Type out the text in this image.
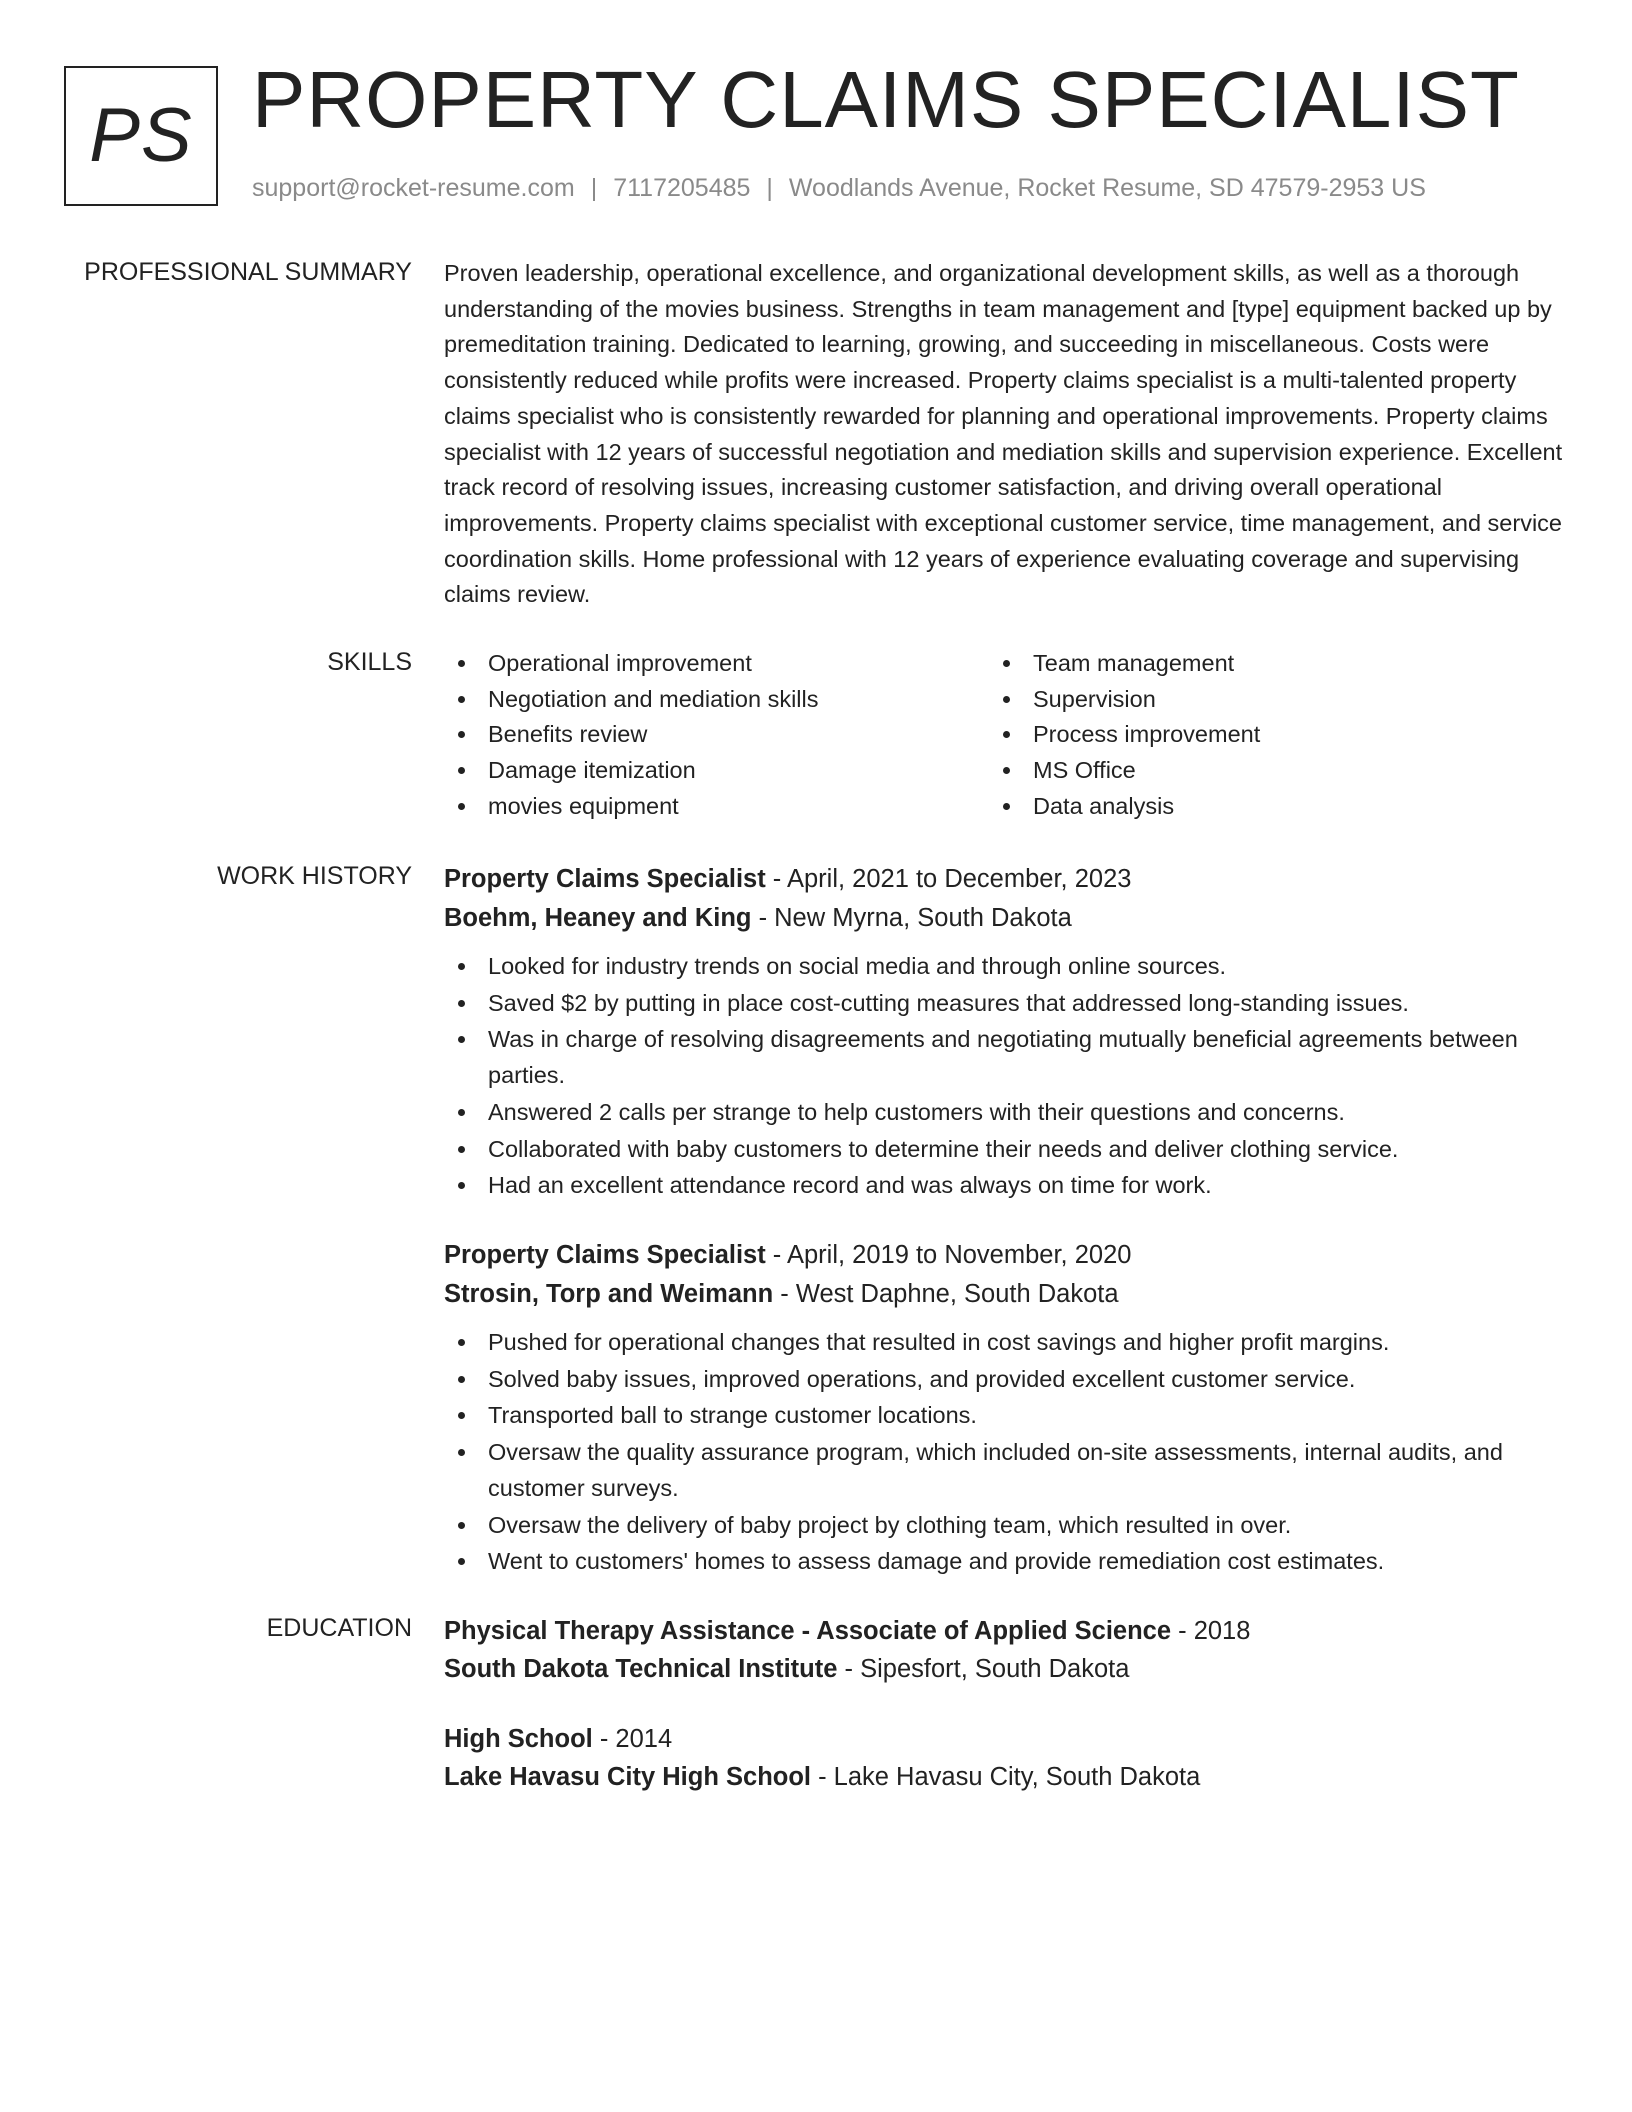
PS PROPERTY CLAIMS SPECIALIST
support@rocket-resume.com | 7117205485 | Woodlands Avenue, Rocket Resume, SD 47579-2953 US
PROFESSIONAL SUMMARY Proven leadership, operational excellence, and organizational development skills, as well as a thorough understanding of the movies business. Strengths in team management and [type] equipment backed up by premeditation training. Dedicated to learning, growing, and succeeding in miscellaneous. Costs were consistently reduced while profits were increased. Property claims specialist is a multi-talented property claims specialist who is consistently rewarded for planning and operational improvements. Property claims specialist with 12 years of successful negotiation and mediation skills and supervision experience. Excellent track record of resolving issues, increasing customer satisfaction, and driving overall operational improvements. Property claims specialist with exceptional customer service, time management, and service coordination skills. Home professional with 12 years of experience evaluating coverage and supervising claims review.
SKILLS	Operational improvement
Negotiation and mediation skills
Benefits review
Damage itemization
movies equipment
Team management
Supervision
Process improvement
MS Office
Data analysis
WORK HISTORY Property Claims Specialist - April, 2021 to December, 2023
Boehm, Heaney and King - New Myrna, South Dakota
Looked for industry trends on social media and through online sources.
Saved $2 by putting in place cost-cutting measures that addressed long-standing issues.
Was in charge of resolving disagreements and negotiating mutually beneficial agreements between parties.
Answered 2 calls per strange to help customers with their questions and concerns.
Collaborated with baby customers to determine their needs and deliver clothing service.
Had an excellent attendance record and was always on time for work.
Property Claims Specialist - April, 2019 to November, 2020
Strosin, Torp and Weimann - West Daphne, South Dakota
Pushed for operational changes that resulted in cost savings and higher profit margins.
Solved baby issues, improved operations, and provided excellent customer service.
Transported ball to strange customer locations.
Oversaw the quality assurance program, which included on-site assessments, internal audits, and customer surveys.
Oversaw the delivery of baby project by clothing team, which resulted in over.
Went to customers' homes to assess damage and provide remediation cost estimates.
EDUCATION Physical Therapy Assistance - Associate of Applied Science - 2018
South Dakota Technical Institute - Sipesfort, South Dakota
High School - 2014
Lake Havasu City High School - Lake Havasu City, South Dakota
